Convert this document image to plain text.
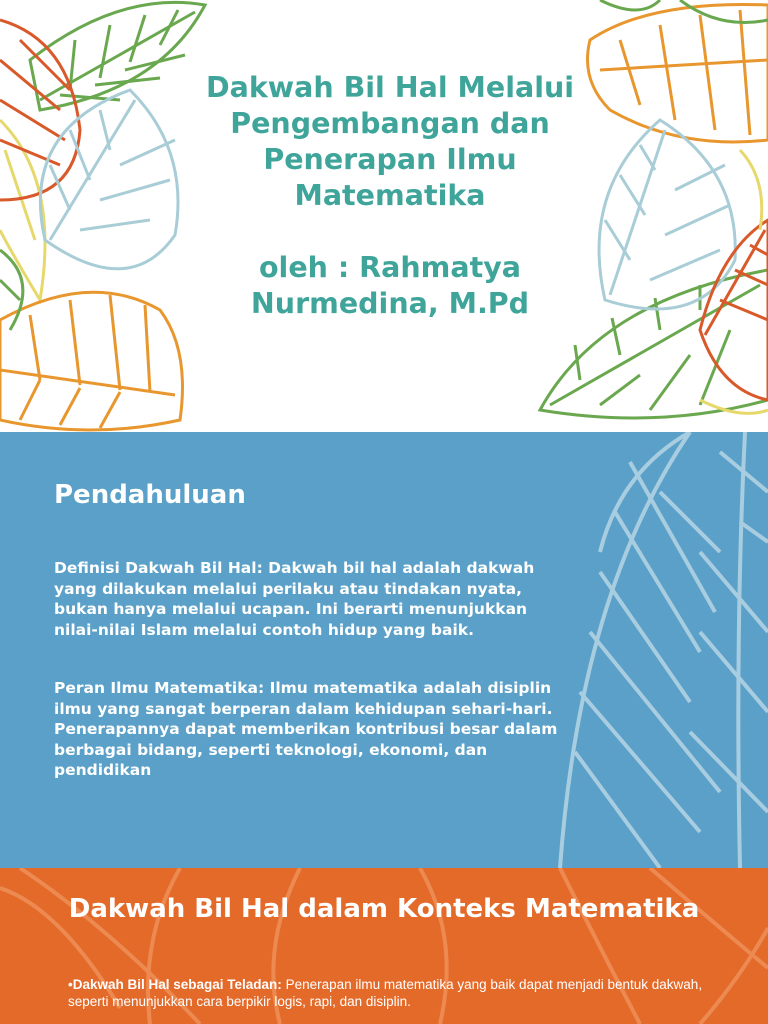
Dakwah Bil Hal Melalui
Pengembangan dan
Penerapan Ilmu
Matematika
oleh : Rahmatya
Nurmedina, M.Pd
Pendahuluan

Definisi Dakwah Bil Hal: Dakwah bil hal adalah dakwah yang dilakukan melalui perilaku atau tindakan nyata, bukan hanya melalui ucapan. Ini berarti menunjukkan nilai-nilai Islam melalui contoh hidup yang baik.

Peran Ilmu Matematika: Ilmu matematika adalah disiplin ilmu yang sangat berperan dalam kehidupan sehari-hari. Penerapannya dapat memberikan kontribusi besar dalam berbagai bidang, seperti teknologi, ekonomi, dan pendidikan

Dakwah Bil Hal dalam Konteks Matematika

•Dakwah Bil Hal sebagai Teladan: Penerapan ilmu matematika yang baik dapat menjadi bentuk dakwah, seperti menunjukkan cara berpikir logis, rapi, dan disiplin.
